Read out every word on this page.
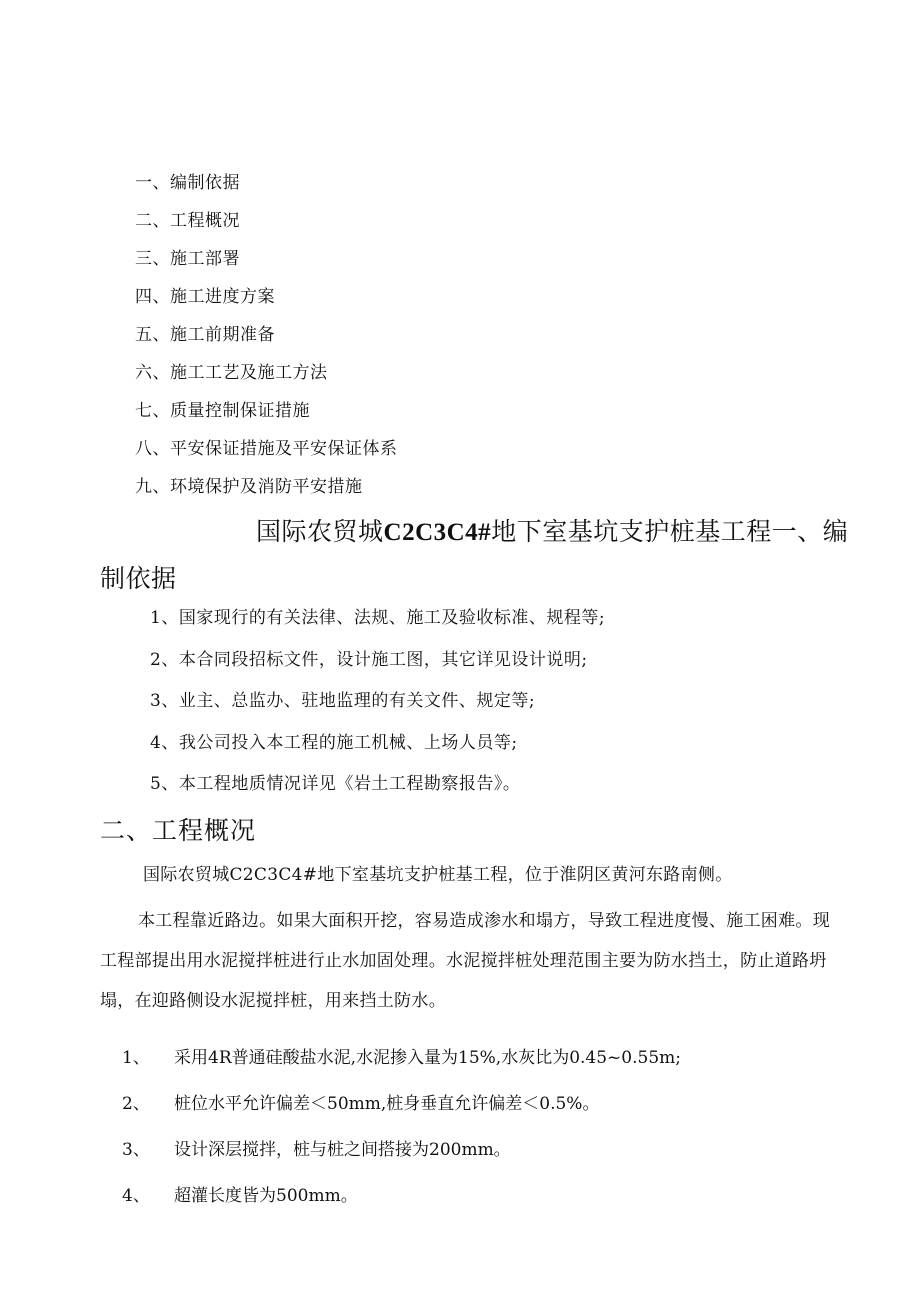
一、编制依据
二、工程概况
三、施工部署
四、施工进度方案
五、施工前期准备
六、施工工艺及施工方法
七、质量控制保证措施
八、平安保证措施及平安保证体系
九、环境保护及消防平安措施
国际农贸城C2C3C4#地下室基坑支护桩基工程一、编制依据
1、国家现行的有关法律、法规、施工及验收标准、规程等;
2、本合同段招标文件，设计施工图，其它详见设计说明;
3、业主、总监办、驻地监理的有关文件、规定等;
4、我公司投入本工程的施工机械、上场人员等;
5、本工程地质情况详见《岩土工程勘察报告》。
二、工程概况

国际农贸城C2C3C4#地下室基坑支护桩基工程，位于淮阴区黄河东路南侧。

本工程靠近路边。如果大面积开挖，容易造成渗水和塌方，导致工程进度慢、施工困难。现工程部提出用水泥搅拌桩进行止水加固处理。水泥搅拌桩处理范围主要为防水挡土，防止道路坍塌，在迎路侧设水泥搅拌桩，用来挡土防水。

1、	采用4R普通硅酸盐水泥,水泥掺入量为15%,水灰比为0.45~0.55m;
2、	桩位水平允许偏差＜50mm,桩身垂直允许偏差＜0.5%。
3、	设计深层搅拌，桩与桩之间搭接为200mm。
4、	超灌长度皆为500mm。
